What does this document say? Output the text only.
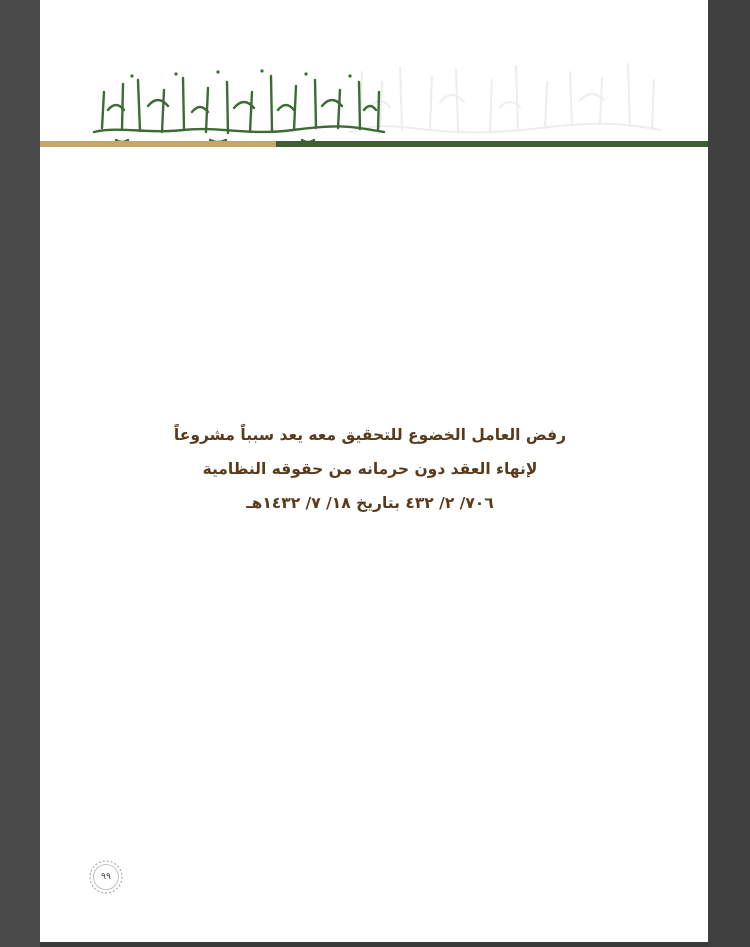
رفض العامل الخضوع للتحقيق معه يعد سبباً مشروعاً
لإنهاء العقد دون حرمانه من حقوقه النظامية
٧٠٦/ ٢/ ٤٣٢ بتاريخ ١٨/ ٧/ ١٤٣٢هـ
٩٩
